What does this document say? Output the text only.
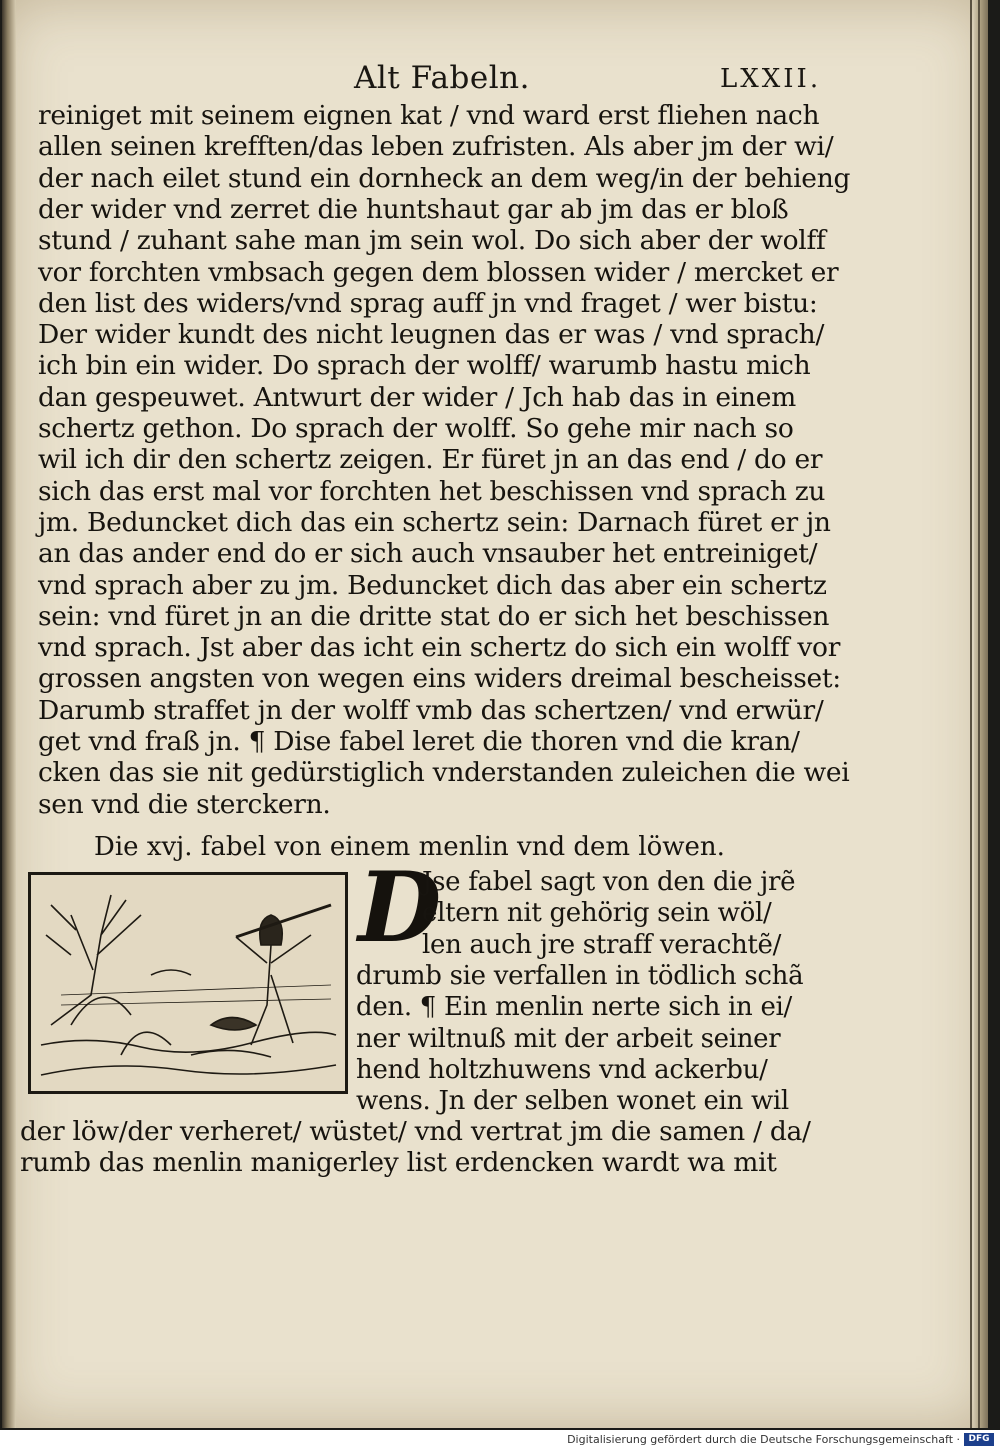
Alt Fabeln.	LXXII.
reiniget mit seinem eignen kat / vnd ward erst fliehen nach
allen seinen krefften/das leben zufristen. Als aber jm der wi/
der nach eilet stund ein dornheck an dem weg/in der behieng
der wider vnd zerret die huntshaut gar ab jm das er bloß
stund / zuhant sahe man jm sein wol. Do sich aber der wolff
vor forchten vmbsach gegen dem blossen wider / mercket er
den list des widers/vnd sprag auff jn vnd fraget / wer bistu:
Der wider kundt des nicht leugnen das er was / vnd sprach/
ich bin ein wider. Do sprach der wolff/ warumb hastu mich
dan gespeuwet. Antwurt der wider / Jch hab das in einem
schertz gethon. Do sprach der wolff. So gehe mir nach so
wil ich dir den schertz zeigen. Er füret jn an das end / do er
sich das erst mal vor forchten het beschissen vnd sprach zu
jm. Beduncket dich das ein schertz sein: Darnach füret er jn
an das ander end do er sich auch vnsauber het entreiniget/
vnd sprach aber zu jm. Beduncket dich das aber ein schertz
sein: vnd füret jn an die dritte stat do er sich het beschissen
vnd sprach. Jst aber das icht ein schertz do sich ein wolff vor
grossen angsten von wegen eins widers dreimal bescheisset:
Darumb straffet jn der wolff vmb das schertzen/ vnd erwür/
get vnd fraß jn. ¶ Dise fabel leret die thoren vnd die kran/
cken das sie nit gedürstiglich vnderstanden zuleichen die wei
sen vnd die sterckern.
Die xvj. fabel von einem menlin vnd dem löwen.
D
Jse fabel sagt von den die jrẽ
eltern nit gehörig sein wöl/
len auch jre straff verachtẽ/
drumb sie verfallen in tödlich schã
den. ¶ Ein menlin nerte sich in ei/
ner wiltnuß mit der arbeit seiner
hend holtzhuwens vnd ackerbu/
wens. Jn der selben wonet ein wil
der löw/der verheret/ wüstet/ vnd vertrat jm die samen / da/
rumb das menlin manigerley list erdencken wardt wa mit
Digitalisierung gefördert durch die Deutsche Forschungsgemeinschaft · DFG
